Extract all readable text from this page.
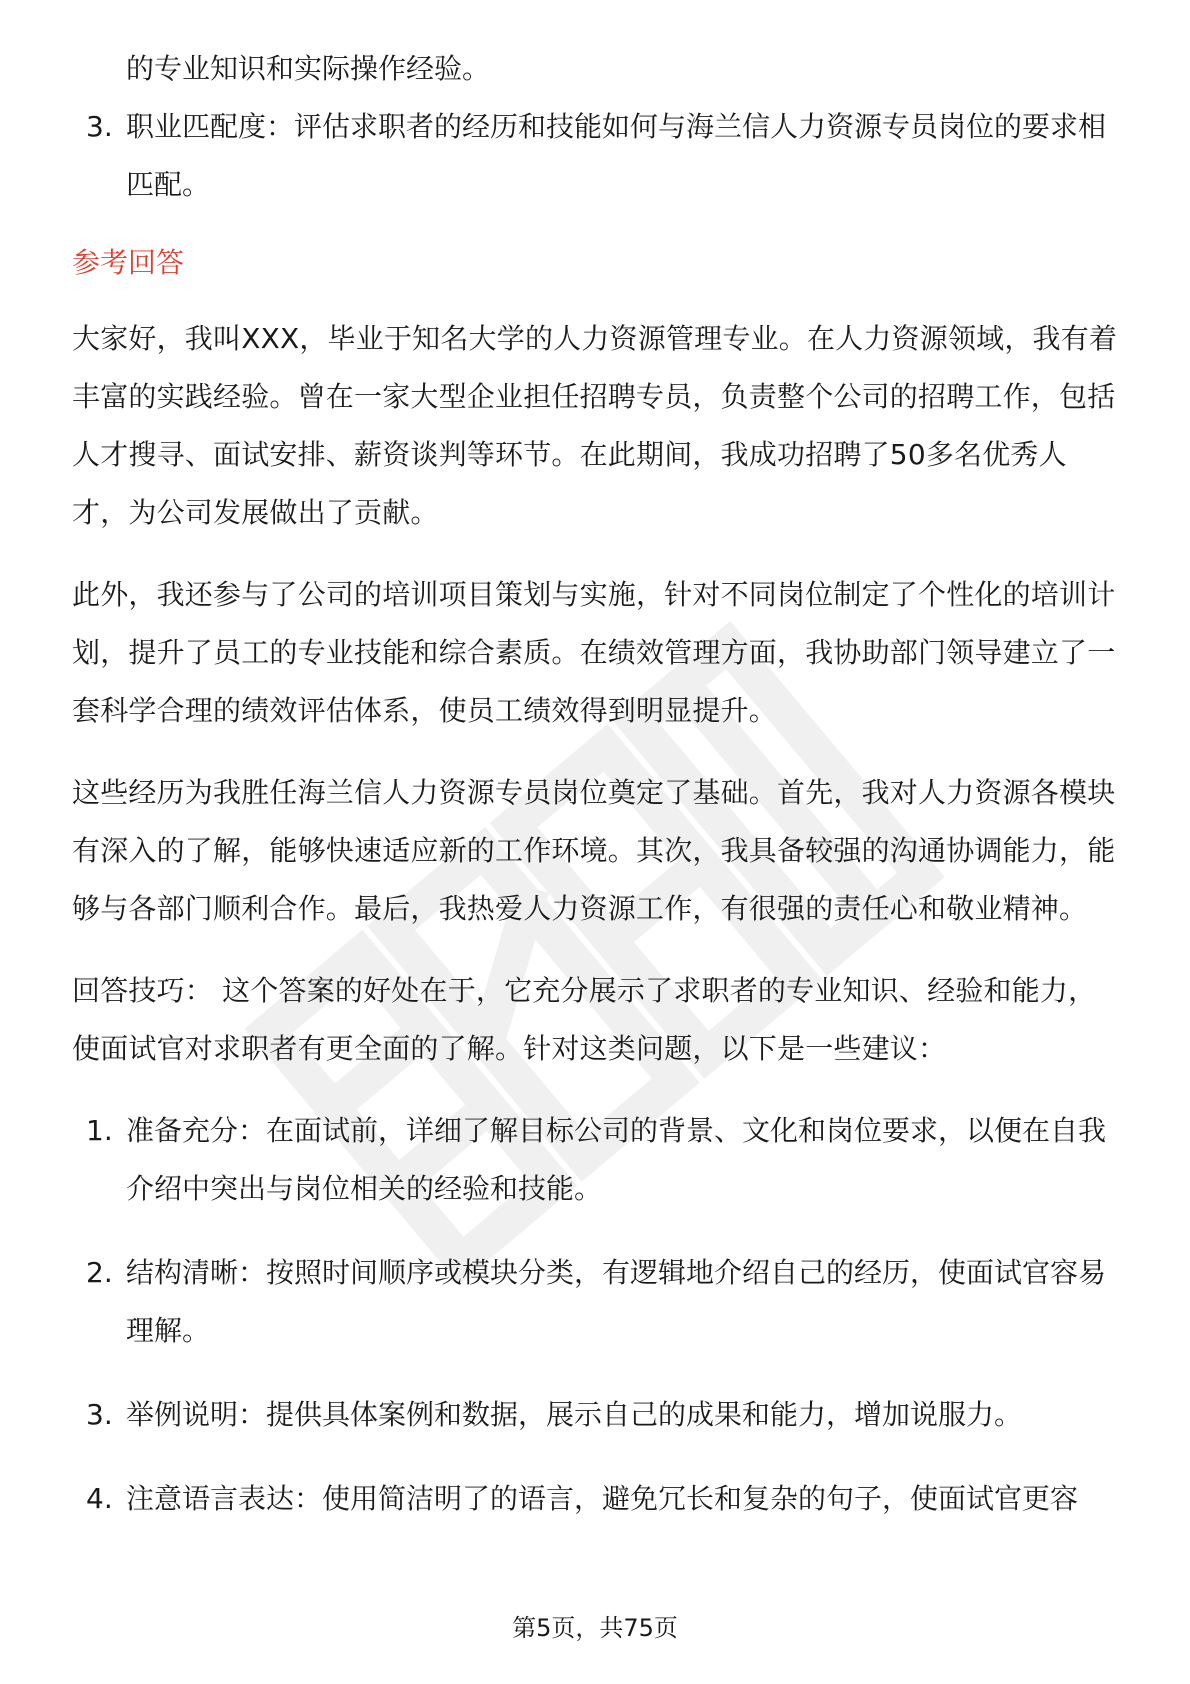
的专业知识和实际操作经验。
3. 职业匹配度：评估求职者的经历和技能如何与海兰信人力资源专员岗位的要求相匹配。
参考回答
大家好，我叫XXX，毕业于知名大学的人力资源管理专业。在人力资源领域，我有着丰富的实践经验。曾在一家大型企业担任招聘专员，负责整个公司的招聘工作，包括人才搜寻、面试安排、薪资谈判等环节。在此期间，我成功招聘了50多名优秀人才，为公司发展做出了贡献。
此外，我还参与了公司的培训项目策划与实施，针对不同岗位制定了个性化的培训计划，提升了员工的专业技能和综合素质。在绩效管理方面，我协助部门领导建立了一套科学合理的绩效评估体系，使员工绩效得到明显提升。
这些经历为我胜任海兰信人力资源专员岗位奠定了基础。首先，我对人力资源各模块有深入的了解，能够快速适应新的工作环境。其次，我具备较强的沟通协调能力，能够与各部门顺利合作。最后，我热爱人力资源工作，有很强的责任心和敬业精神。
回答技巧： 这个答案的好处在于，它充分展示了求职者的专业知识、经验和能力，使面试官对求职者有更全面的了解。针对这类问题，以下是一些建议：
1. 准备充分：在面试前，详细了解目标公司的背景、文化和岗位要求，以便在自我介绍中突出与岗位相关的经验和技能。
2. 结构清晰：按照时间顺序或模块分类，有逻辑地介绍自己的经历，使面试官容易理解。
3. 举例说明：提供具体案例和数据，展示自己的成果和能力，增加说服力。
4. 注意语言表达：使用简洁明了的语言，避免冗长和复杂的句子，使面试官更容
第5页，共75页
